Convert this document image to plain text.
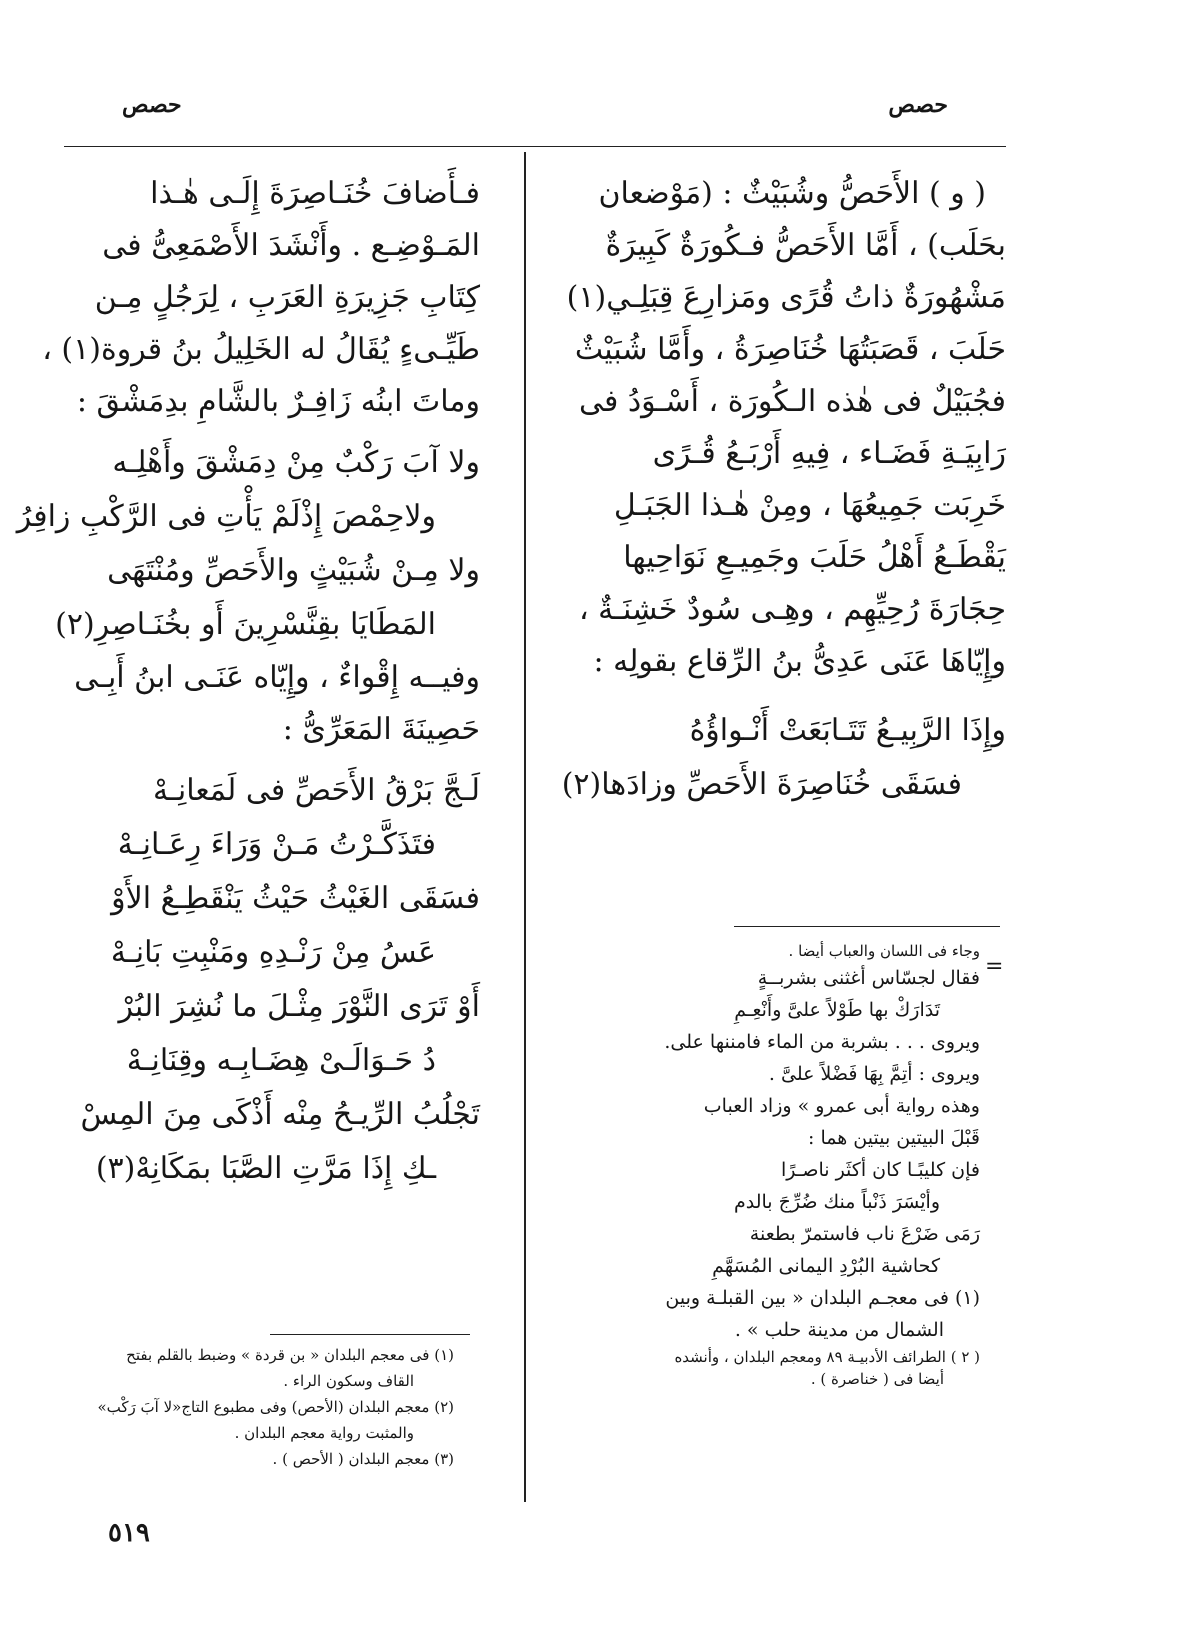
حصص
حصص
( و ) الأَحَصُّ وشُبَيْثٌ : (مَوْضعان
بحَلَب) ، أَمَّا الأَحَصُّ فـكُورَةٌ كَبِيرَةٌ
مَشْهُورَةٌ ذاتُ قُرًى ومَزارِعَ قِبَلِـي(١)
حَلَبَ ، قَصَبَتُهَا خُنَاصِرَةُ ، وأَمَّا شُبَيْثٌ
فجُبَيْلٌ فى هٰذه الـكُورَة ، أَسْـوَدُ فى
رَابِيَـةِ فَضَـاء ، فِيهِ أَرْبَـعُ قُـرًى
خَرِبَت جَمِيعُهَا ، ومِنْ هٰـذا الجَبَـلِ
يَقْطَـعُ أَهْلُ حَلَبَ وجَمِيـعِ نَوَاحِيها
حِجَارَةَ رُحِيِّهِم ، وهِـى سُودٌ خَشِنَـةٌ ،
وإِيّاهَا عَنَى عَدِىُّ بنُ الرِّقاع بقولِه :
وإِذَا الرَّبِيـعُ تَتَـابَعَتْ أَنْـواؤُهُ
فسَقَى خُنَاصِرَةَ الأَحَصِّ وزادَها(٢)
=
وجاء فى اللسان والعباب أيضا .
فقال لجسّاس أغثنى بشربــةٍ
تَدَارَكْ بها طَوْلاً علىَّ وأَنْعِـمِ
ويروى . . . بشربة من الماء فامننها على.
ويروى : أتِمَّ بِهَا فَضْلاً علىَّ .
وهذه رواية أبى عمرو » وزاد العباب
قَبْلَ البيتين بيتين هما :
فإن كليبًـا كان أكثَر ناصـرًا
وأيْسَرَ ذَنْباً منك ضُرِّجَ بالدم
رَمَى ضَرْعَ ناب فاستمرّ بطعنة
كحاشية البُرْدِ اليمانى المُسَهَّمِ
(١) فى معجـم البلدان « بين القبلـة وبين
الشمال من مدينة حلب » .
( ٢ ) الطرائف الأدبيـة ٨٩ ومعجم البلدان ، وأنشده
أيضا فى ( خناصرة ) .
فـأَضافَ خُنَـاصِرَةَ إِلَـى هٰـذا
المَـوْضِـع . وأَنْشَدَ الأَصْمَعِىُّ فى
كِتَابِ جَزِيرَةِ العَرَبِ ، لِرَجُلٍ مِـن
طَيِّـىءٍ يُقَالُ له الخَلِيلُ بنُ قروة(١) ،
وماتَ ابنُه زَافِـرٌ بالشَّامِ بدِمَشْقَ :
ولا آبَ رَكْبٌ مِنْ دِمَشْقَ وأَهْلِـه
ولاحِمْصَ إِذْلَمْ يَأْتِ فى الرَّكْبِ زافِرُ
ولا مِـنْ شُبَيْثٍ والأَحَصِّ ومُنْتَهَى
المَطَايَا بقِنَّسْرِينَ أَو بخُنَـاصِرِ(٢)
وفيــه إِقْواءٌ ، وإِيّاه عَنَـى ابنُ أَبِـى
حَصِينَةَ المَعَرِّىُّ :
لَـجَّ بَرْقُ الأَحَصِّ فى لَمَعانِـهْ
فتَذَكَّـرْتُ مَـنْ وَرَاءَ رِعَـانِـهْ
فسَقَى الغَيْثُ حَيْثُ يَنْقَطِـعُ الأَوْ
عَسُ مِنْ رَنْـدِهِ ومَنْبِتِ بَانِـهْ
أَوْ تَرَى النَّوْرَ مِثْـلَ ما نُشِرَ البُرْ
دُ حَـوَالَـىْ هِضَـابِـه وقِنَانِـهْ
تَجْلُبُ الرِّيـحُ مِنْه أَذْكَى مِنَ المِسْ
ـكِ إِذَا مَرَّتِ الصَّبَا بمَكَانِهْ(٣)
(١) فى معجم البلدان « بن قردة » وضبط بالقلم بفتح
القاف وسكون الراء .
(٢) معجم البلدان (الأحص) وفى مطبوع التاج«لا آبَ رَكْب»
والمثبت رواية معجم البلدان .
(٣) معجم البلدان ( الأحص ) .
٥١٩
